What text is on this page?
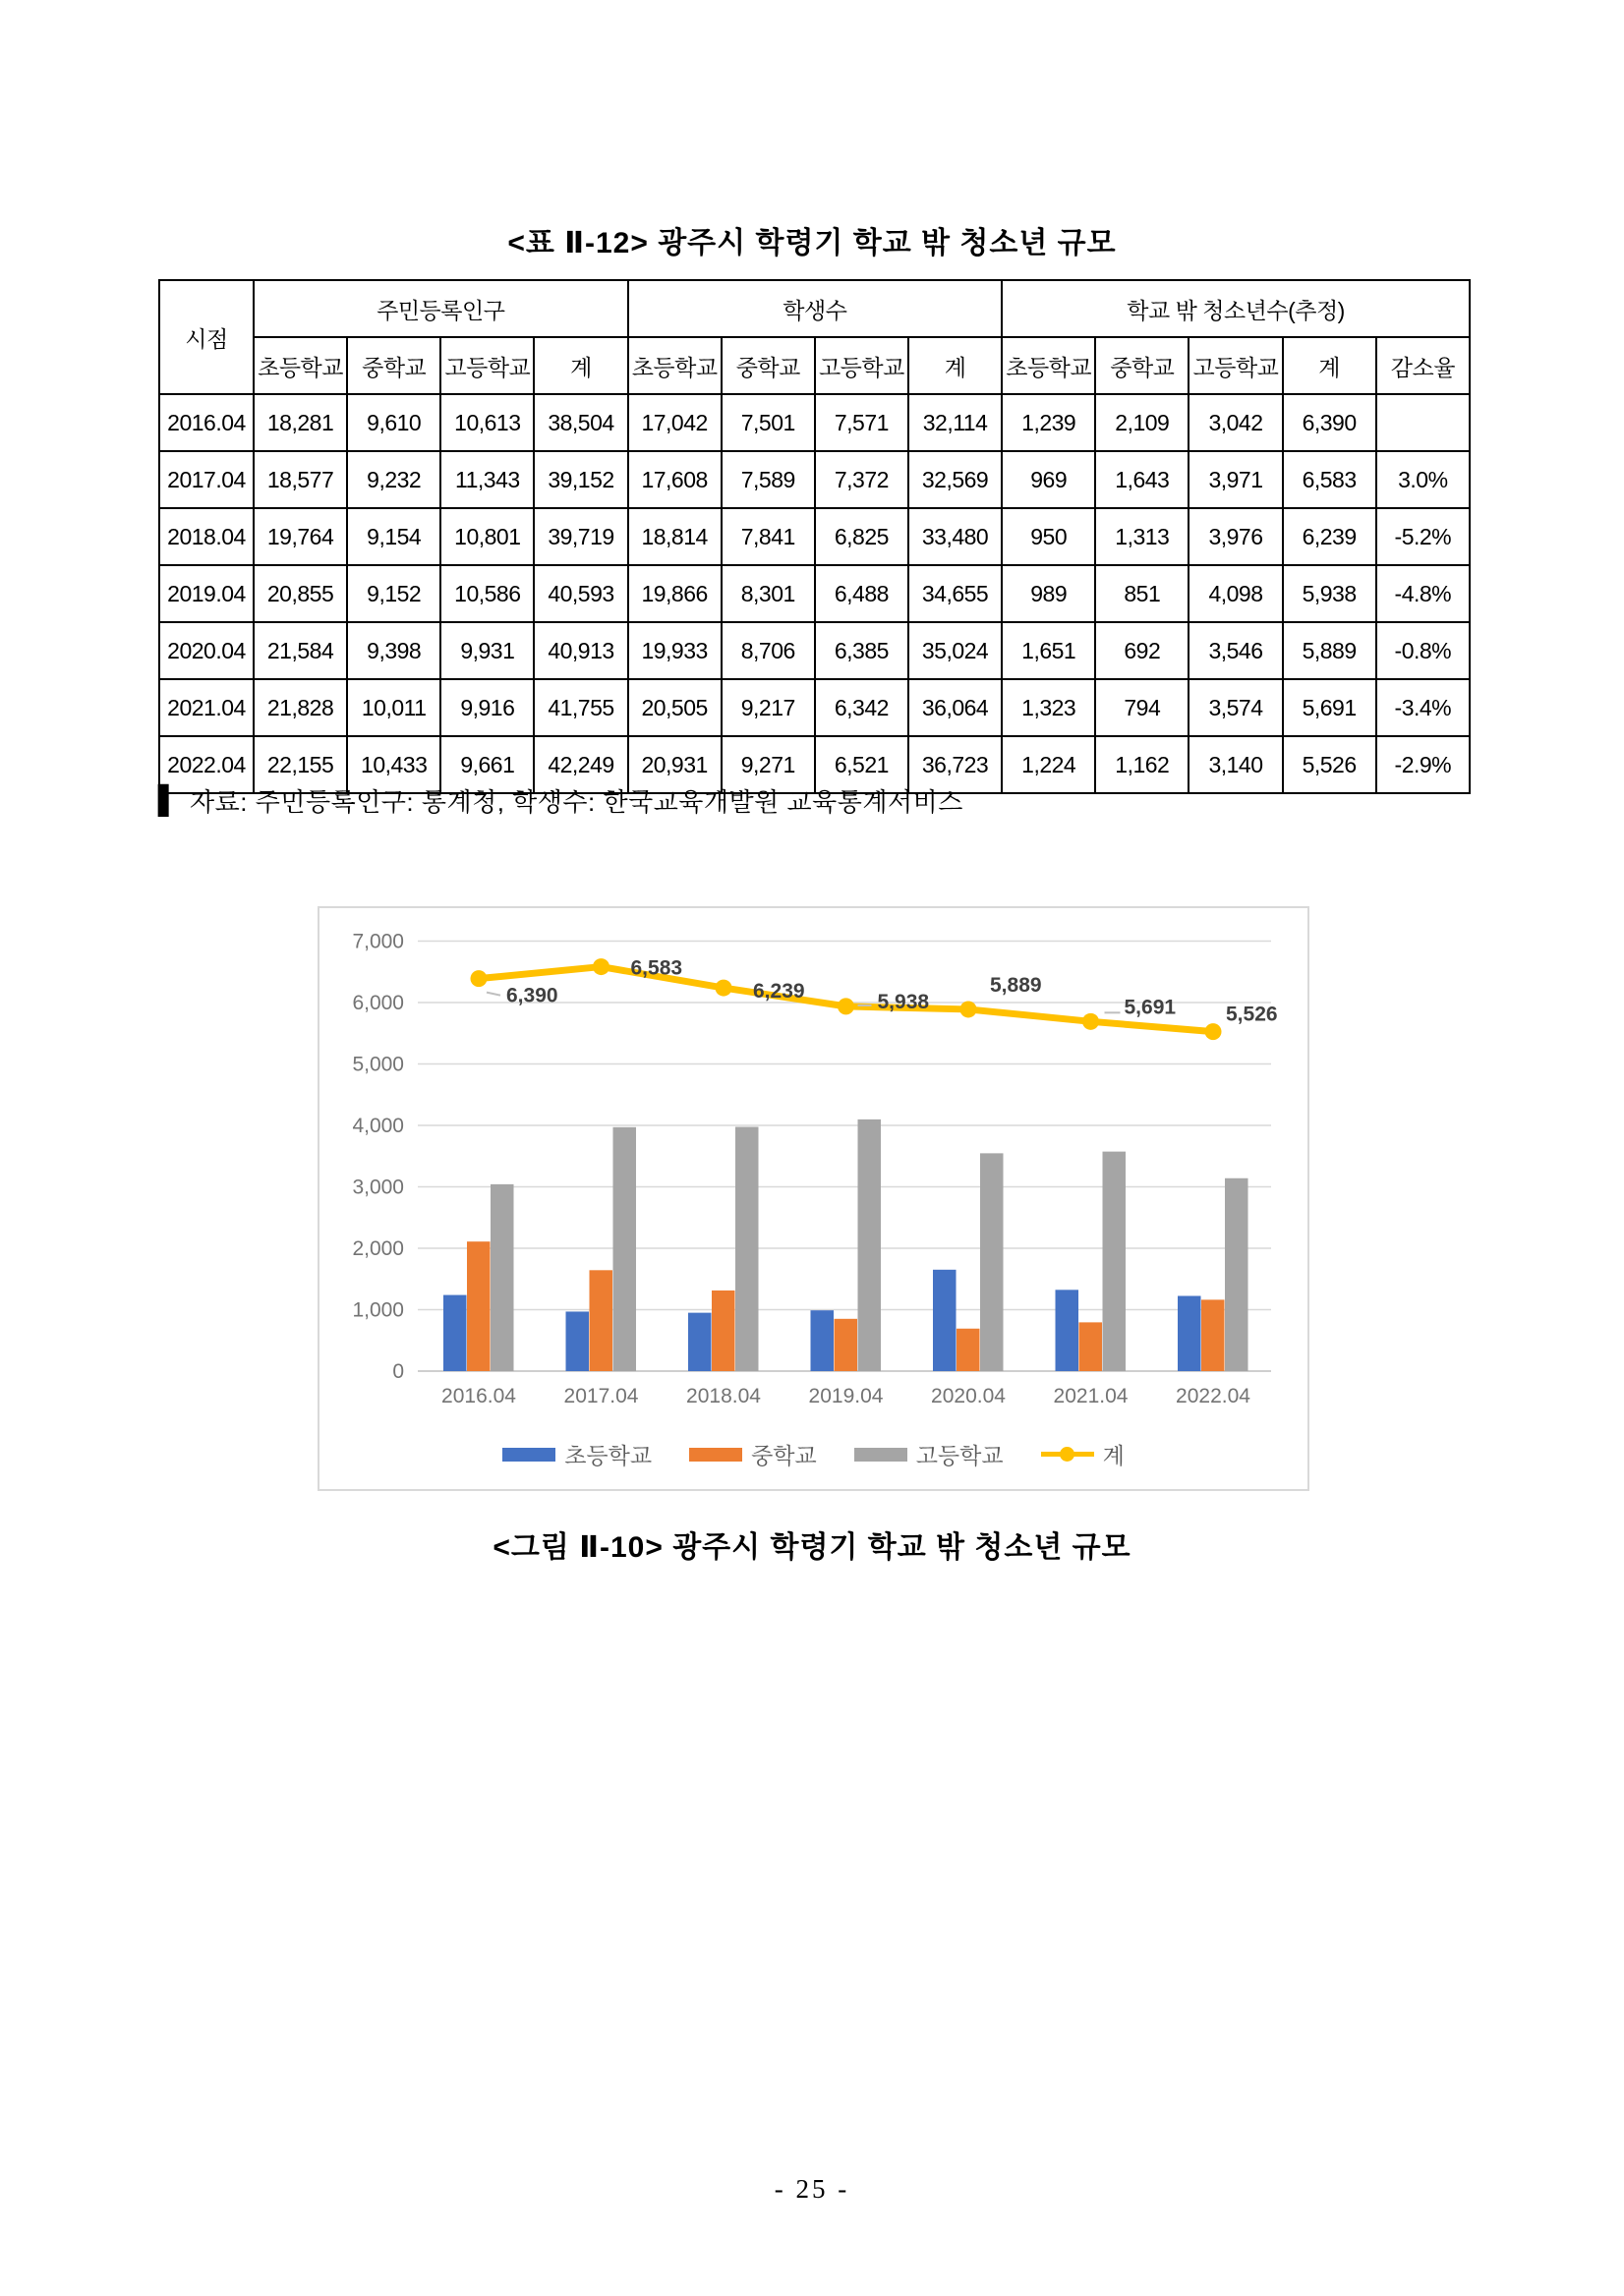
<표 Ⅱ-12> 광주시 학령기 학교 밖 청소년 규모
시점	주민등록인구				학생수				학교 밖 청소년수(추정)				
	초등학교	중학교	고등학교	계	초등학교	중학교	고등학교	계	초등학교	중학교	고등학교	계	감소율
2016.04	18,281	9,610	10,613	38,504	17,042	7,501	7,571	32,114	1,239	2,109	3,042	6,390	
2017.04	18,577	9,232	11,343	39,152	17,608	7,589	7,372	32,569	969	1,643	3,971	6,583	3.0%
2018.04	19,764	9,154	10,801	39,719	18,814	7,841	6,825	33,480	950	1,313	3,976	6,239	-5.2%
2019.04	20,855	9,152	10,586	40,593	19,866	8,301	6,488	34,655	989	851	4,098	5,938	-4.8%
2020.04	21,584	9,398	9,931	40,913	19,933	8,706	6,385	35,024	1,651	692	3,546	5,889	-0.8%
2021.04	21,828	10,011	9,916	41,755	20,505	9,217	6,342	36,064	1,323	794	3,574	5,691	-3.4%
2022.04	22,155	10,433	9,661	42,249	20,931	9,271	6,521	36,723	1,224	1,162	3,140	5,526	-2.9%
▌ 자료: 주민등록인구: 통계청, 학생수: 한국교육개발원 교육통계서비스
0
1,000
2,000
3,000
4,000
5,000
6,000
7,000
2016.04 2017.04 2018.04 2019.04 2020.04 2021.04 2022.04
6,390
6,583
6,239	5,938
5,889
5,691 5,526
초등학교	중학교	고등학교	계
<그림 Ⅱ-10> 광주시 학령기 학교 밖 청소년 규모
- 25 -
